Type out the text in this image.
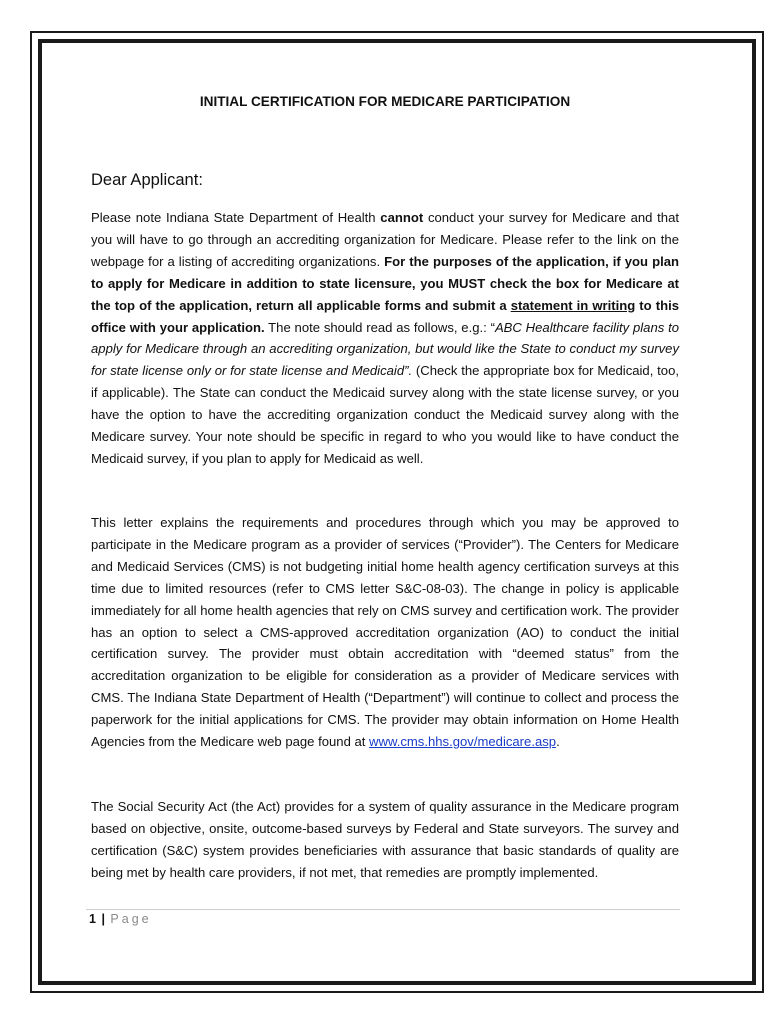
INITIAL CERTIFICATION FOR MEDICARE PARTICIPATION
Dear Applicant:
Please note Indiana State Department of Health cannot conduct your survey for Medicare and that you will have to go through an accrediting organization for Medicare. Please refer to the link on the webpage for a listing of accrediting organizations. For the purposes of the application, if you plan to apply for Medicare in addition to state licensure, you MUST check the box for Medicare at the top of the application, return all applicable forms and submit a statement in writing to this office with your application. The note should read as follows, e.g.: “ABC Healthcare facility plans to apply for Medicare through an accrediting organization, but would like the State to conduct my survey for state license only or for state license and Medicaid”. (Check the appropriate box for Medicaid, too, if applicable). The State can conduct the Medicaid survey along with the state license survey, or you have the option to have the accrediting organization conduct the Medicaid survey along with the Medicare survey. Your note should be specific in regard to who you would like to have conduct the Medicaid survey, if you plan to apply for Medicaid as well.
This letter explains the requirements and procedures through which you may be approved to participate in the Medicare program as a provider of services (“Provider”). The Centers for Medicare and Medicaid Services (CMS) is not budgeting initial home health agency certification surveys at this time due to limited resources (refer to CMS letter S&C-08-03). The change in policy is applicable immediately for all home health agencies that rely on CMS survey and certification work. The provider has an option to select a CMS-approved accreditation organization (AO) to conduct the initial certification survey. The provider must obtain accreditation with “deemed status” from the accreditation organization to be eligible for consideration as a provider of Medicare services with CMS. The Indiana State Department of Health (“Department”) will continue to collect and process the paperwork for the initial applications for CMS. The provider may obtain information on Home Health Agencies from the Medicare web page found at www.cms.hhs.gov/medicare.asp.
The Social Security Act (the Act) provides for a system of quality assurance in the Medicare program based on objective, onsite, outcome-based surveys by Federal and State surveyors. The survey and certification (S&C) system provides beneficiaries with assurance that basic standards of quality are being met by health care providers, if not met, that remedies are promptly implemented.
1 | Page
